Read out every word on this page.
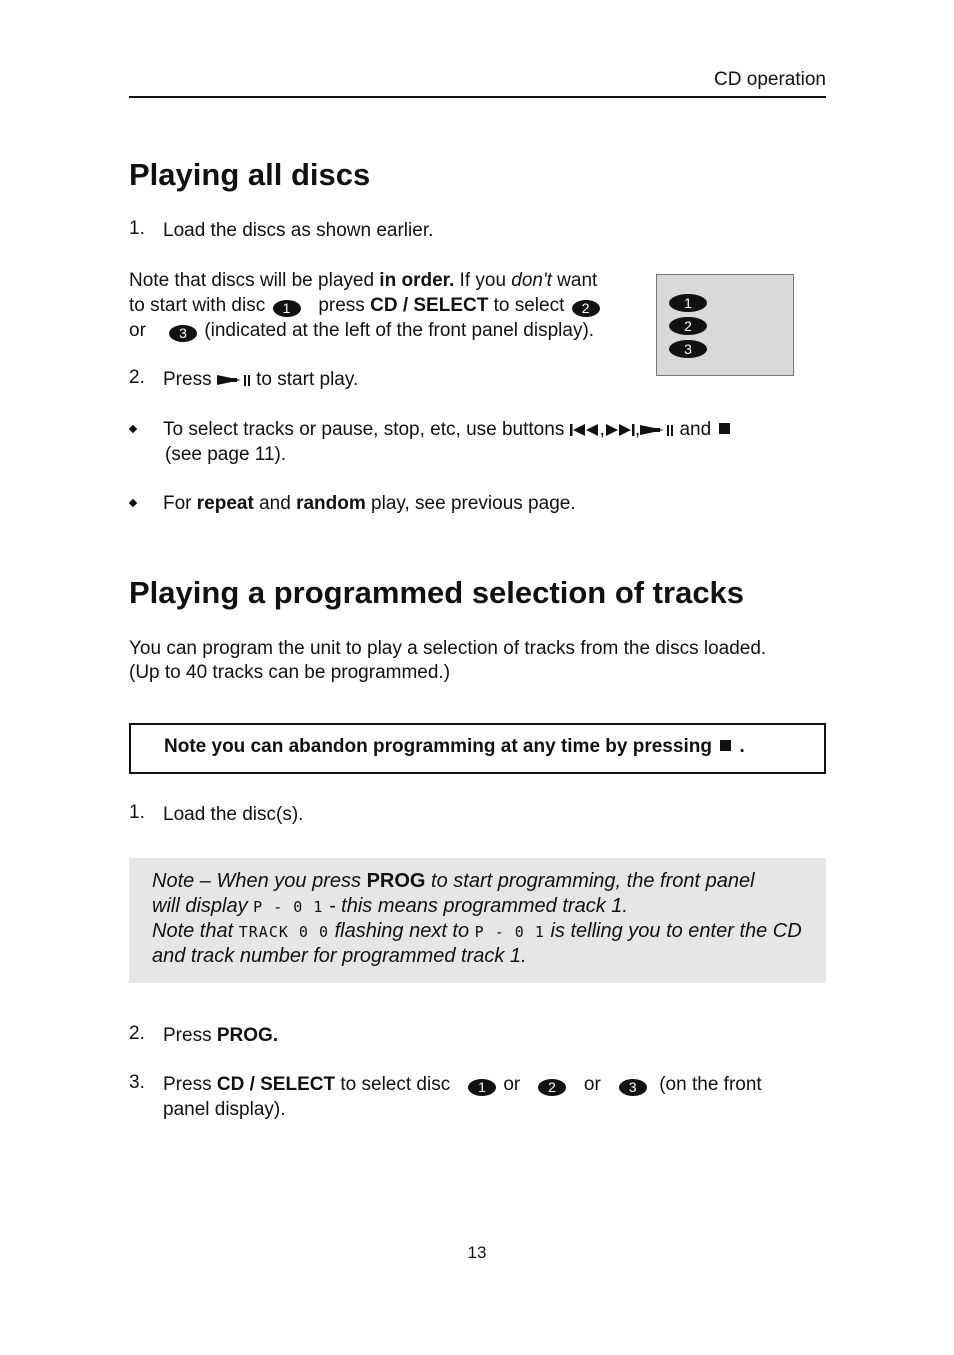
CD operation
Playing all discs
1. Load the discs as shown earlier.
Note that discs will be played in order. If you don't want
to start with disc 1 press CD / SELECT to select 2
or 3 (indicated at the left of the front panel display).
1
2
3
2. Press to start play.
To select tracks or pause, stop, etc, use buttons , , and
(see page 11).
For repeat and random play, see previous page.
Playing a programmed selection of tracks
You can program the unit to play a selection of tracks from the discs loaded.
(Up to 40 tracks can be programmed.)
Note you can abandon programming at any time by pressing .
1. Load the disc(s).
Note – When you press PROG to start programming, the front panel
will display P - 0 1 - this means programmed track 1.
Note that TRACK 0 0 flashing next to P - 0 1 is telling you to enter the CD
and track number for programmed track 1.
2. Press PROG.
3. Press CD / SELECT to select disc 1 or 2 or 3 (on the front
panel display).
13
